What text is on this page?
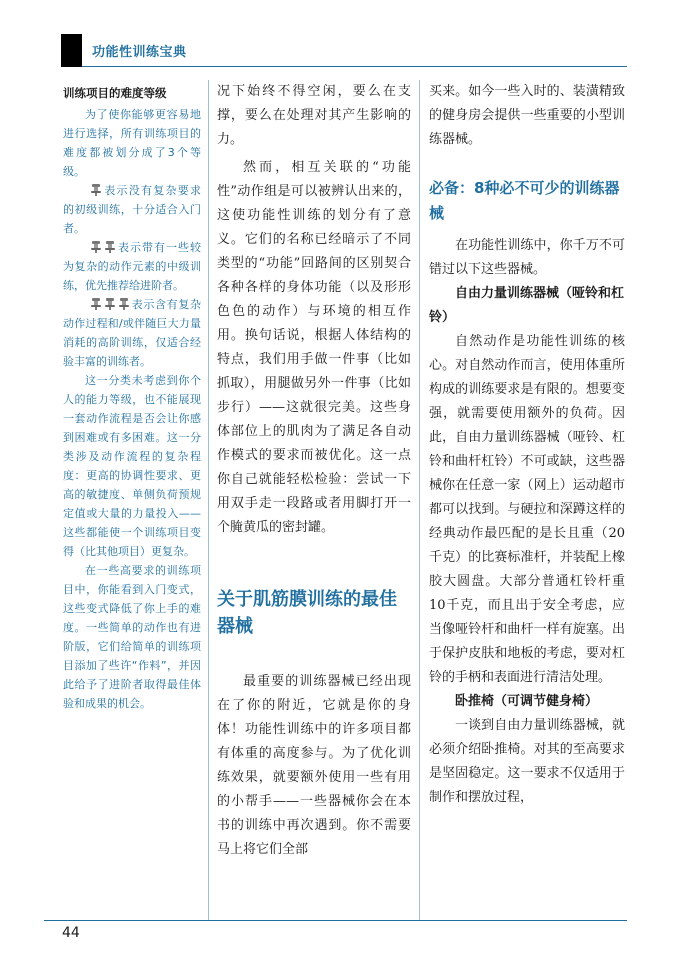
功能性训练宝典
训练项目的难度等级

为了使你能够更容易地进行选择，所有训练项目的难度都被划分成了3个等级。

表示没有复杂要求的初级训练，十分适合入门者。

表示带有一些较为复杂的动作元素的中级训练，优先推荐给进阶者。

表示含有复杂动作过程和/或伴随巨大力量消耗的高阶训练，仅适合经验丰富的训练者。

这一分类未考虑到你个人的能力等级，也不能展现一套动作流程是否会让你感到困难或有多困难。这一分类涉及动作流程的复杂程度：更高的协调性要求、更高的敏捷度、单侧负荷预规定值或大量的力量投入——这些都能使一个训练项目变得（比其他项目）更复杂。

在一些高要求的训练项目中，你能看到入门变式，这些变式降低了你上手的难度。一些简单的动作也有进阶版，它们给简单的训练项目添加了些许“作料”，并因此给予了进阶者取得最佳体验和成果的机会。

况下始终不得空闲，要么在支撑，要么在处理对其产生影响的力。

然而，相互关联的“功能性”动作组是可以被辨认出来的，这使功能性训练的划分有了意义。它们的名称已经暗示了不同类型的“功能”回路间的区别契合各种各样的身体功能（以及形形色色的动作）与环境的相互作用。换句话说，根据人体结构的特点，我们用手做一件事（比如抓取），用腿做另外一件事（比如步行）——这就很完美。这些身体部位上的肌肉为了满足各自动作模式的要求而被优化。这一点你自己就能轻松检验：尝试一下用双手走一段路或者用脚打开一个腌黄瓜的密封罐。

关于肌筋膜训练的最佳器械

最重要的训练器械已经出现在了你的附近，它就是你的身体！功能性训练中的许多项目都有体重的高度参与。为了优化训练效果，就要额外使用一些有用的小帮手——一些器械你会在本书的训练中再次遇到。你不需要马上将它们全部

买来。如今一些入时的、装潢精致的健身房会提供一些重要的小型训练器械。

必备：8种必不可少的训练器械

在功能性训练中，你千万不可错过以下这些器械。

自由力量训练器械（哑铃和杠铃）

自然动作是功能性训练的核心。对自然动作而言，使用体重所构成的训练要求是有限的。想要变强，就需要使用额外的负荷。因此，自由力量训练器械（哑铃、杠铃和曲杆杠铃）不可或缺，这些器械你在任意一家（网上）运动超市都可以找到。与硬拉和深蹲这样的经典动作最匹配的是长且重（20千克）的比赛标准杆，并装配上橡胶大圆盘。大部分普通杠铃杆重10千克，而且出于安全考虑，应当像哑铃杆和曲杆一样有旋塞。出于保护皮肤和地板的考虑，要对杠铃的手柄和表面进行清洁处理。

卧推椅（可调节健身椅）

一谈到自由力量训练器械，就必须介绍卧推椅。对其的至高要求是坚固稳定。这一要求不仅适用于制作和摆放过程，

44
